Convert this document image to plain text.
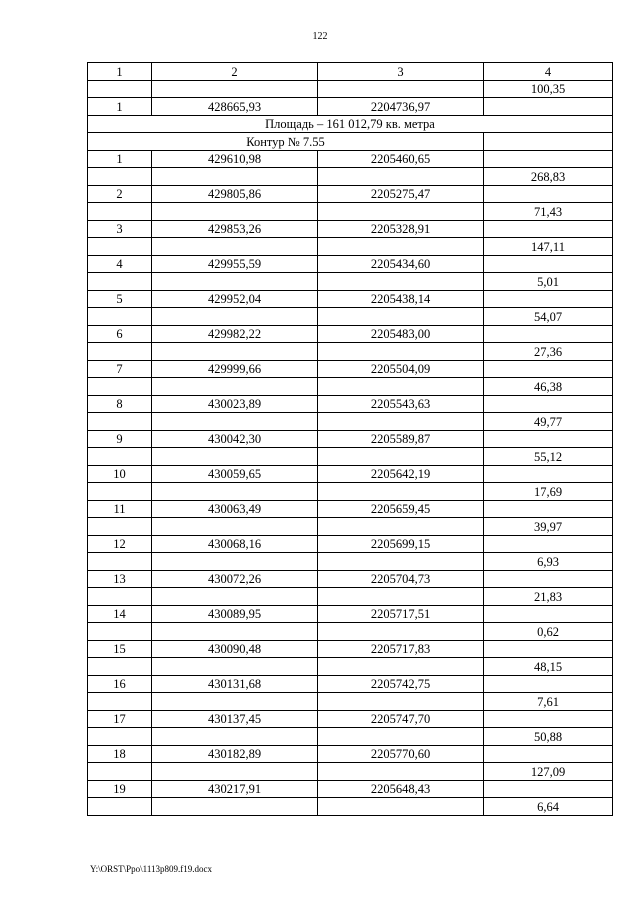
122
1	2	3	4
			100,35
1	428665,93	2204736,97	
Площадь – 161 012,79 кв. метра			
Контур № 7.55			
1	429610,98	2205460,65	
			268,83
2	429805,86	2205275,47	
			71,43
3	429853,26	2205328,91	
			147,11
4	429955,59	2205434,60	
			5,01
5	429952,04	2205438,14	
			54,07
6	429982,22	2205483,00	
			27,36
7	429999,66	2205504,09	
			46,38
8	430023,89	2205543,63	
			49,77
9	430042,30	2205589,87	
			55,12
10	430059,65	2205642,19	
			17,69
11	430063,49	2205659,45	
			39,97
12	430068,16	2205699,15	
			6,93
13	430072,26	2205704,73	
			21,83
14	430089,95	2205717,51	
			0,62
15	430090,48	2205717,83	
			48,15
16	430131,68	2205742,75	
			7,61
17	430137,45	2205747,70	
			50,88
18	430182,89	2205770,60	
			127,09
19	430217,91	2205648,43	
			6,64
Y:\ORST\Ppo\1113p809.f19.docx
